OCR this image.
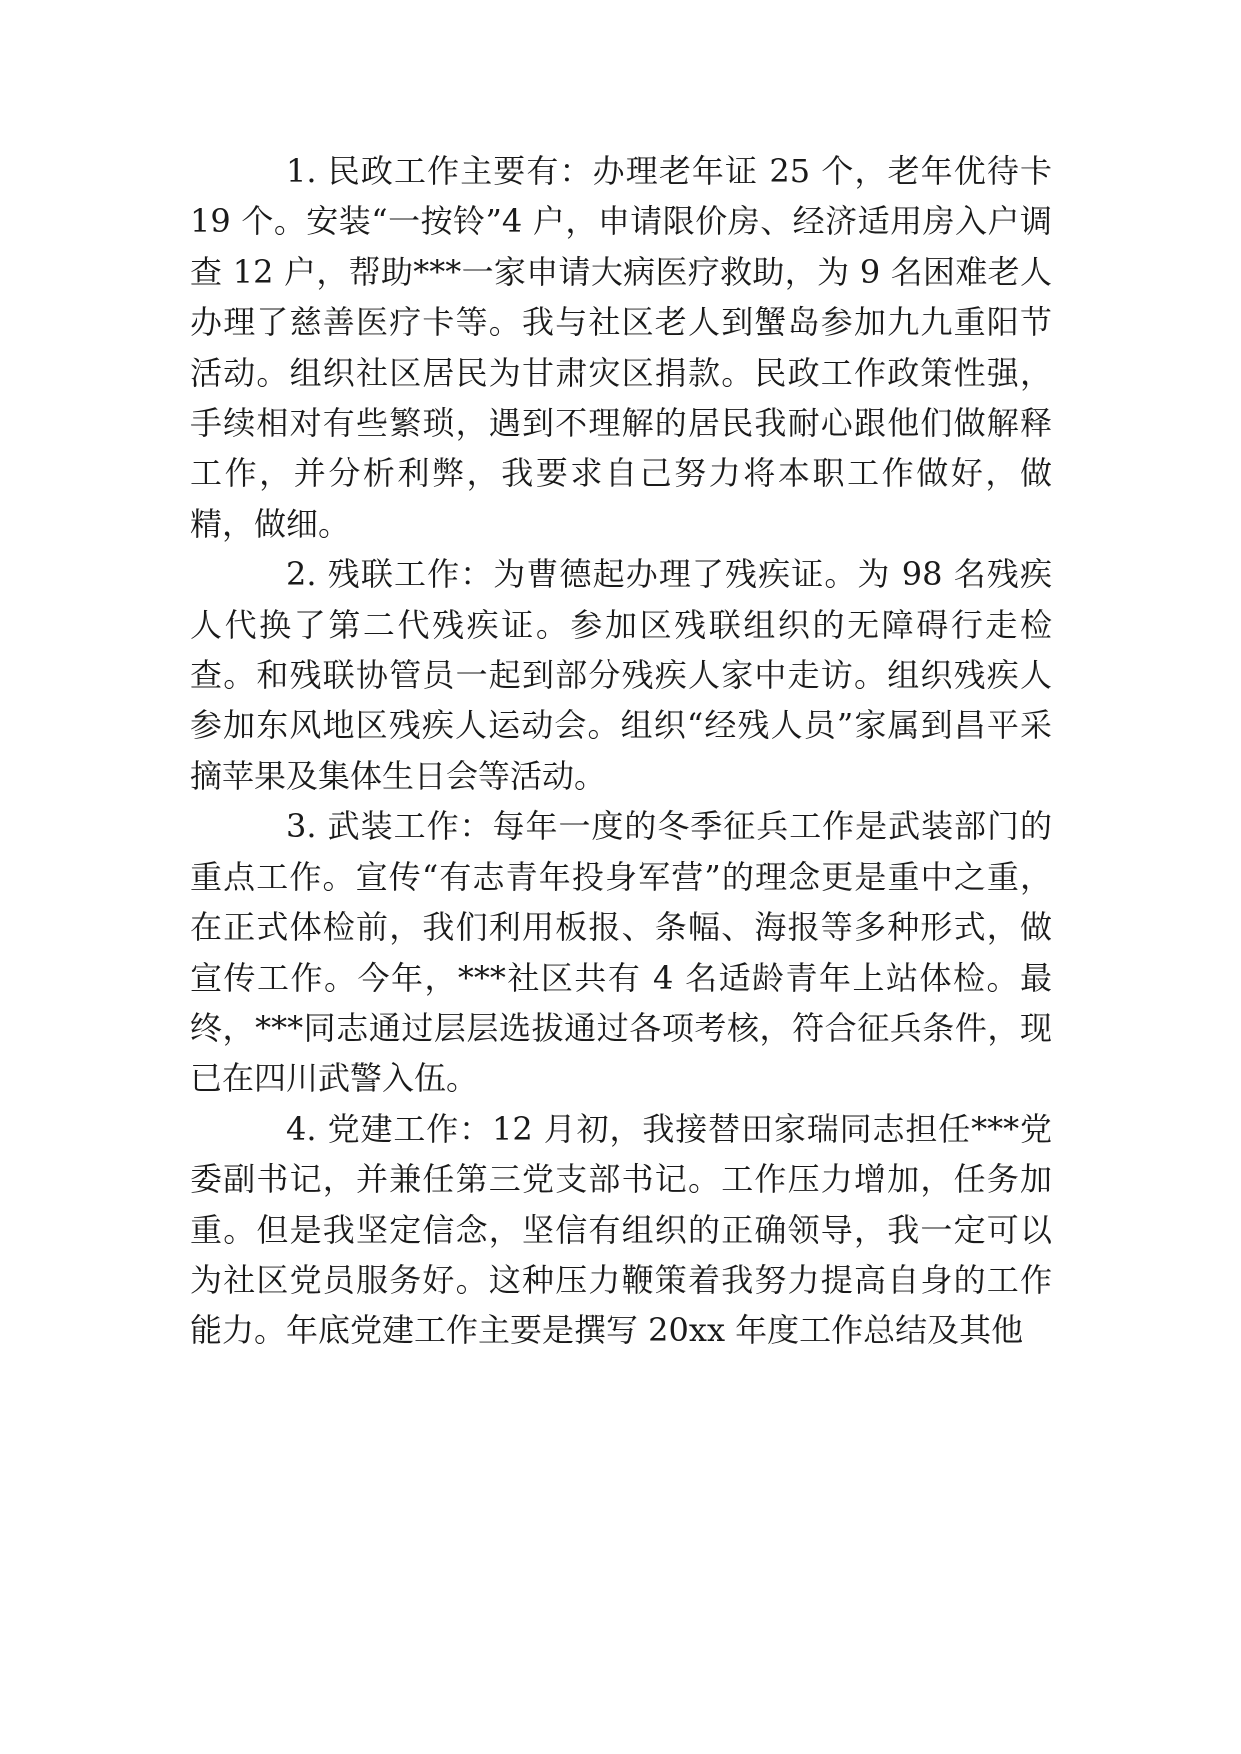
1. 民政工作主要有：办理老年证 25 个，老年优待卡 19 个。安装“一按铃”4 户，申请限价房、经济适用房入户调查 12 户，帮助***一家申请大病医疗救助，为 9 名困难老人办理了慈善医疗卡等。我与社区老人到蟹岛参加九九重阳节活动。组织社区居民为甘肃灾区捐款。民政工作政策性强，手续相对有些繁琐，遇到不理解的居民我耐心跟他们做解释工作，并分析利弊，我要求自己努力将本职工作做好，做精，做细。

2. 残联工作：为曹德起办理了残疾证。为 98 名残疾人代换了第二代残疾证。参加区残联组织的无障碍行走检查。和残联协管员一起到部分残疾人家中走访。组织残疾人参加东风地区残疾人运动会。组织“经残人员”家属到昌平采摘苹果及集体生日会等活动。

3. 武装工作：每年一度的冬季征兵工作是武装部门的重点工作。宣传“有志青年投身军营”的理念更是重中之重，在正式体检前，我们利用板报、条幅、海报等多种形式，做宣传工作。今年，***社区共有 4 名适龄青年上站体检。最终，***同志通过层层选拔通过各项考核，符合征兵条件，现已在四川武警入伍。

4. 党建工作：12 月初，我接替田家瑞同志担任***党委副书记，并兼任第三党支部书记。工作压力增加，任务加重。但是我坚定信念，坚信有组织的正确领导，我一定可以为社区党员服务好。这种压力鞭策着我努力提高自身的工作能力。年底党建工作主要是撰写 20xx 年度工作总结及其他
